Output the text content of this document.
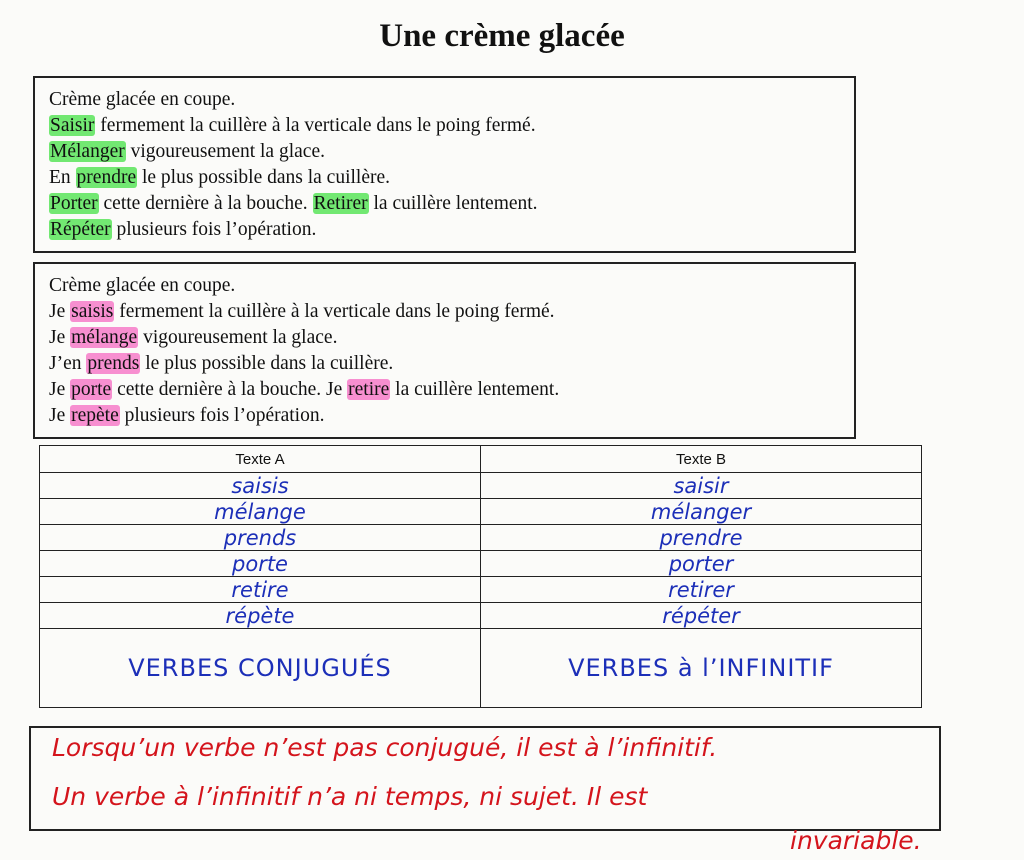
Une crème glacée
Crème glacée en coupe.
Saisir fermement la cuillère à la verticale dans le poing fermé.
Mélanger vigoureusement la glace.
En prendre le plus possible dans la cuillère.
Porter cette dernière à la bouche. Retirer la cuillère lentement.
Répéter plusieurs fois l’opération.
Crème glacée en coupe.
Je saisis fermement la cuillère à la verticale dans le poing fermé.
Je mélange vigoureusement la glace.
J’en prends le plus possible dans la cuillère.
Je porte cette dernière à la bouche. Je retire la cuillère lentement.
Je repète plusieurs fois l’opération.
Texte A	Texte B
saisis	saisir
mélange	mélanger
prends	prendre
porte	porter
retire	retirer
répète	répéter
VERBES CONJUGUÉS	VERBES à l’INFINITIF
Lorsqu’un verbe n’est pas conjugué, il est à l’infinitif.
Un verbe à l’infinitif n’a ni temps, ni sujet. Il est
invariable.
